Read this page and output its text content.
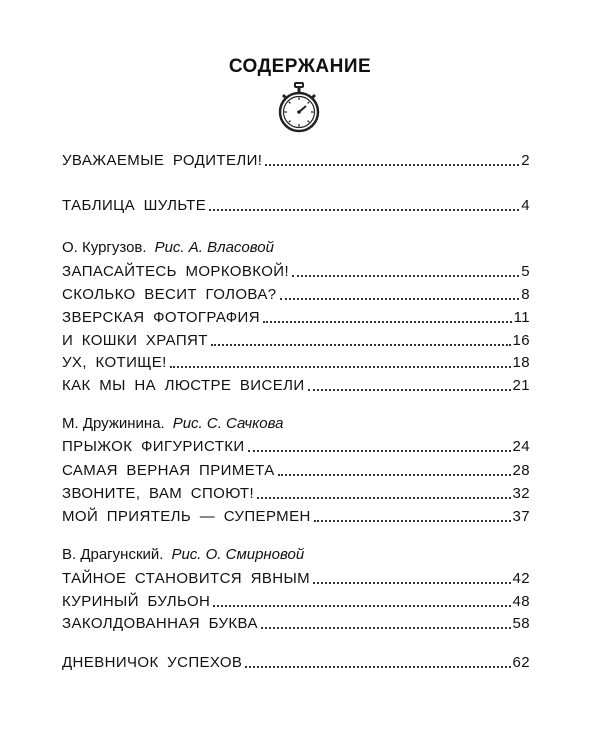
СОДЕРЖАНИЕ
УВАЖАЕМЫЕ РОДИТЕЛИ!	2
ТАБЛИЦА ШУЛЬТЕ	4
О. Кургузов. Рис. А. Власовой
ЗАПАСАЙТЕСЬ МОРКОВКОЙ!	5
СКОЛЬКО ВЕСИТ ГОЛОВА?	8
ЗВЕРСКАЯ ФОТОГРАФИЯ	11
И КОШКИ ХРАПЯТ	16
УХ, КОТИЩЕ!	18
КАК МЫ НА ЛЮСТРЕ ВИСЕЛИ	21
М. Дружинина. Рис. С. Сачкова
ПРЫЖОК ФИГУРИСТКИ	24
САМАЯ ВЕРНАЯ ПРИМЕТА	28
ЗВОНИТЕ, ВАМ СПОЮТ!	32
МОЙ ПРИЯТЕЛЬ — СУПЕРМЕН	37
В. Драгунский. Рис. О. Смирновой
ТАЙНОЕ СТАНОВИТСЯ ЯВНЫМ	42
КУРИНЫЙ БУЛЬОН	48
ЗАКОЛДОВАННАЯ БУКВА	58
ДНЕВНИЧОК УСПЕХОВ	62
